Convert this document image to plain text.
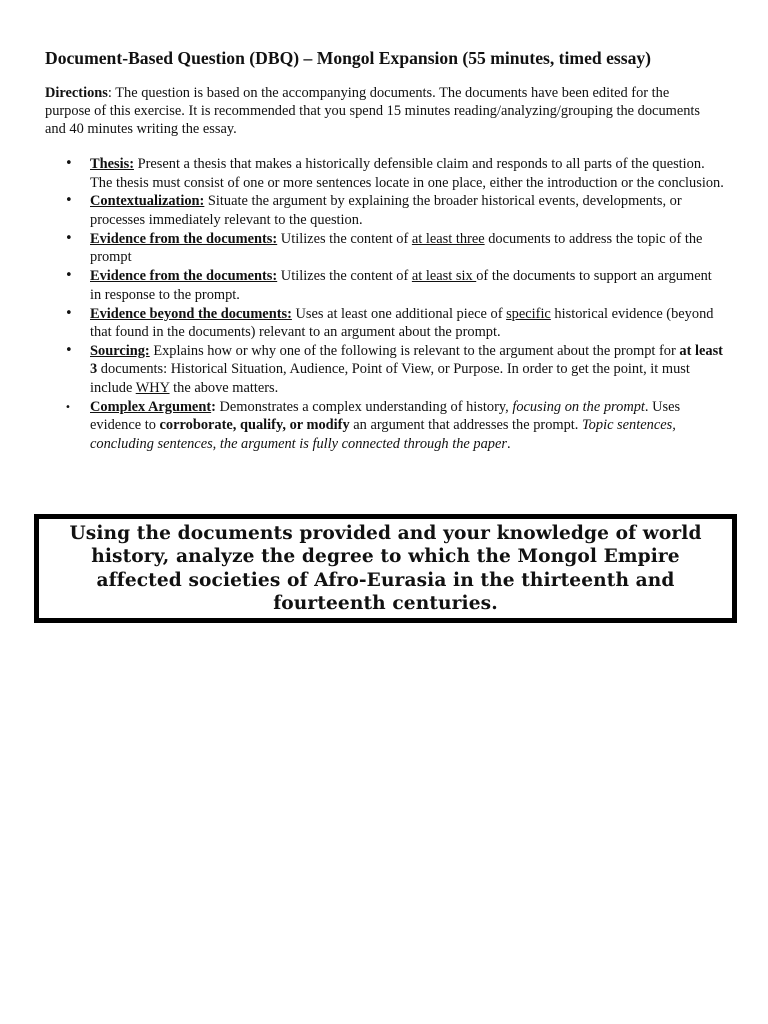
Document-Based Question (DBQ) – Mongol Expansion (55 minutes, timed essay)
Directions: The question is based on the accompanying documents. The documents have been edited for the purpose of this exercise. It is recommended that you spend 15 minutes reading/analyzing/grouping the documents and 40 minutes writing the essay.
• Thesis: Present a thesis that makes a historically defensible claim and responds to all parts of the question. The thesis must consist of one or more sentences locate in one place, either the introduction or the conclusion.
• Contextualization: Situate the argument by explaining the broader historical events, developments, or processes immediately relevant to the question.
• Evidence from the documents: Utilizes the content of at least three documents to address the topic of the prompt
• Evidence from the documents: Utilizes the content of at least six of the documents to support an argument in response to the prompt.
• Evidence beyond the documents: Uses at least one additional piece of specific historical evidence (beyond that found in the documents) relevant to an argument about the prompt.
• Sourcing: Explains how or why one of the following is relevant to the argument about the prompt for at least 3 documents: Historical Situation, Audience, Point of View, or Purpose. In order to get the point, it must include WHY the above matters.
• Complex Argument: Demonstrates a complex understanding of history, focusing on the prompt. Uses evidence to corroborate, qualify, or modify an argument that addresses the prompt. Topic sentences, concluding sentences, the argument is fully connected through the paper.
Using the documents provided and your knowledge of world history, analyze the degree to which the Mongol Empire affected societies of Afro-Eurasia in the thirteenth and fourteenth centuries.
